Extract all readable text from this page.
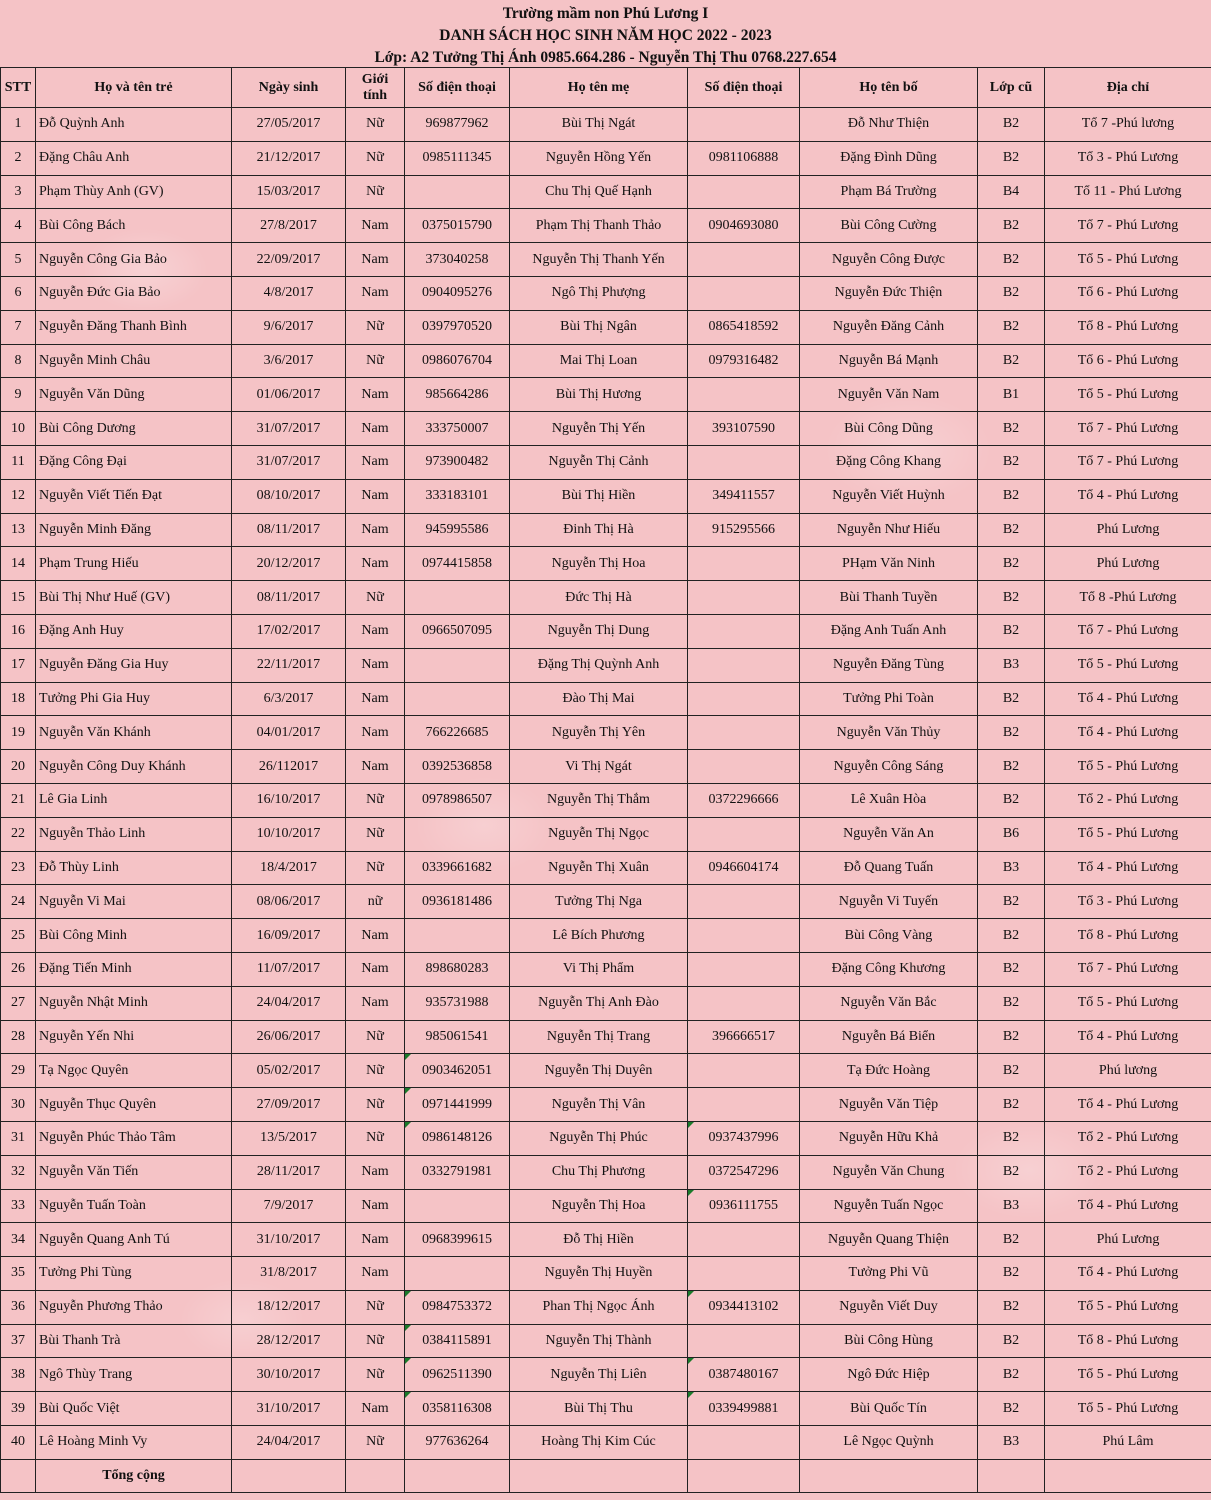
Trường mầm non Phú Lương I
DANH SÁCH HỌC SINH NĂM HỌC 2022 - 2023
Lớp: A2 Tưởng Thị Ánh 0985.664.286 - Nguyễn Thị Thu 0768.227.654
STT	Họ và tên trẻ	Ngày sinh	Giới tính	Số điện thoại	Họ tên mẹ	Số điện thoại	Họ tên bố	Lớp cũ	Địa chỉ
1	Đỗ Quỳnh Anh	27/05/2017	Nữ	969877962	Bùi Thị Ngát		Đỗ Như Thiện	B2	Tổ 7 -Phú lương
2	Đặng Châu Anh	21/12/2017	Nữ	0985111345	Nguyễn Hồng Yến	0981106888	Đặng Đình Dũng	B2	Tổ 3 - Phú Lương
3	Phạm Thùy Anh (GV)	15/03/2017	Nữ		Chu Thị Quế Hạnh		Phạm Bá Trường	B4	Tổ 11 - Phú Lương
4	Bùi Công Bách	27/8/2017	Nam	0375015790	Phạm Thị Thanh Thảo	0904693080	Bùi Công Cường	B2	Tổ 7 - Phú Lương
5	Nguyễn Công Gia Bảo	22/09/2017	Nam	373040258	Nguyễn Thị Thanh Yến		Nguyễn Công Được	B2	Tổ 5 - Phú Lương
6	Nguyễn Đức Gia Bảo	4/8/2017	Nam	0904095276	Ngô Thị Phượng		Nguyễn Đức Thiện	B2	Tổ 6 - Phú Lương
7	Nguyễn Đăng Thanh Bình	9/6/2017	Nữ	0397970520	Bùi Thị Ngân	0865418592	Nguyễn Đăng Cảnh	B2	Tổ 8 - Phú Lương
8	Nguyễn Minh Châu	3/6/2017	Nữ	0986076704	Mai Thị Loan	0979316482	Nguyễn Bá Mạnh	B2	Tổ 6 - Phú Lương
9	Nguyễn Văn Dũng	01/06/2017	Nam	985664286	Bùi Thị Hương		Nguyễn Văn Nam	B1	Tổ 5 - Phú Lương
10	Bùi Công Dương	31/07/2017	Nam	333750007	Nguyễn Thị Yến	393107590	Bùi Công Dũng	B2	Tổ 7 - Phú Lương
11	Đặng Công Đại	31/07/2017	Nam	973900482	Nguyễn Thị Cảnh		Đặng Công Khang	B2	Tổ 7 - Phú Lương
12	Nguyễn Viết Tiến Đạt	08/10/2017	Nam	333183101	Bùi Thị Hiền	349411557	Nguyễn Viết Huỳnh	B2	Tổ 4 - Phú Lương
13	Nguyễn Minh Đăng	08/11/2017	Nam	945995586	Đinh Thị Hà	915295566	Nguyễn Như Hiếu	B2	Phú Lương
14	Phạm Trung Hiếu	20/12/2017	Nam	0974415858	Nguyễn Thị Hoa		PHạm Văn Ninh	B2	Phú Lương
15	Bùi Thị Như Huế (GV)	08/11/2017	Nữ		Đức Thị Hà		Bùi Thanh Tuyền	B2	Tổ 8 -Phú Lương
16	Đặng Anh Huy	17/02/2017	Nam	0966507095	Nguyễn Thị Dung		Đặng Anh Tuấn Anh	B2	Tổ 7 - Phú Lương
17	Nguyễn Đăng Gia Huy	22/11/2017	Nam		Đặng Thị Quỳnh Anh		Nguyễn Đăng Tùng	B3	Tổ 5 - Phú Lương
18	Tưởng Phi Gia Huy	6/3/2017	Nam		Đào Thị Mai		Tưởng Phi Toàn	B2	Tổ 4 - Phú Lương
19	Nguyễn Văn Khánh	04/01/2017	Nam	766226685	Nguyễn Thị Yên		Nguyễn Văn Thủy	B2	Tổ 4 - Phú Lương
20	Nguyễn Công Duy Khánh	26/112017	Nam	0392536858	Vi Thị Ngát		Nguyễn Công Sáng	B2	Tổ 5 - Phú Lương
21	Lê Gia Linh	16/10/2017	Nữ	0978986507	Nguyễn Thị Thắm	0372296666	Lê Xuân Hòa	B2	Tổ 2 - Phú Lương
22	Nguyễn Thảo Linh	10/10/2017	Nữ		Nguyễn Thị Ngọc		Nguyễn Văn An	B6	Tổ 5 - Phú Lương
23	Đỗ Thùy Linh	18/4/2017	Nữ	0339661682	Nguyễn Thị Xuân	0946604174	Đỗ Quang Tuấn	B3	Tổ 4 - Phú Lương
24	Nguyễn Vi Mai	08/06/2017	nữ	0936181486	Tưởng Thị Nga		Nguyễn Vi Tuyến	B2	Tổ 3 - Phú Lương
25	Bùi Công Minh	16/09/2017	Nam		Lê Bích Phương		Bùi Công Vàng	B2	Tổ 8 - Phú Lương
26	Đặng Tiến Minh	11/07/2017	Nam	898680283	Vi Thị Phẩm		Đặng Công Khương	B2	Tổ 7 - Phú Lương
27	Nguyễn Nhật Minh	24/04/2017	Nam	935731988	Nguyễn Thị Anh Đào		Nguyễn Văn Bắc	B2	Tổ 5 - Phú Lương
28	Nguyễn Yến Nhi	26/06/2017	Nữ	985061541	Nguyễn Thị Trang	396666517	Nguyễn Bá Biển	B2	Tổ 4 - Phú Lương
29	Tạ Ngọc Quyên	05/02/2017	Nữ	0903462051	Nguyễn Thị Duyên		Tạ Đức Hoàng	B2	Phú lương
30	Nguyễn Thục Quyên	27/09/2017	Nữ	0971441999	Nguyễn Thị Vân		Nguyễn Văn Tiệp	B2	Tổ 4 - Phú Lương
31	Nguyễn Phúc Thảo Tâm	13/5/2017	Nữ	0986148126	Nguyễn Thị Phúc	0937437996	Nguyễn Hữu Khả	B2	Tổ 2 - Phú Lương
32	Nguyễn Văn Tiến	28/11/2017	Nam	0332791981	Chu Thị Phương	0372547296	Nguyễn Văn Chung	B2	Tổ 2 - Phú Lương
33	Nguyễn Tuấn Toàn	7/9/2017	Nam		Nguyễn Thị Hoa	0936111755	Nguyễn Tuấn Ngọc	B3	Tổ 4 - Phú Lương
34	Nguyễn Quang Anh Tú	31/10/2017	Nam	0968399615	Đỗ Thị Hiền		Nguyễn Quang Thiện	B2	Phú Lương
35	Tưởng Phi Tùng	31/8/2017	Nam		Nguyễn Thị Huyền		Tưởng Phi Vũ	B2	Tổ 4 - Phú Lương
36	Nguyễn Phương Thảo	18/12/2017	Nữ	0984753372	Phan Thị Ngọc Ánh	0934413102	Nguyễn Viết Duy	B2	Tổ 5 - Phú Lương
37	Bùi Thanh Trà	28/12/2017	Nữ	0384115891	Nguyễn Thị Thành		Bùi Công Hùng	B2	Tổ 8 - Phú Lương
38	Ngô Thùy Trang	30/10/2017	Nữ	0962511390	Nguyễn Thị Liên	0387480167	Ngô Đức Hiệp	B2	Tổ 5 - Phú Lương
39	Bùi Quốc Việt	31/10/2017	Nam	0358116308	Bùi Thị Thu	0339499881	Bùi Quốc Tín	B2	Tổ 5 - Phú Lương
40	Lê Hoàng Minh Vy	24/04/2017	Nữ	977636264	Hoàng Thị Kim Cúc		Lê Ngọc Quỳnh	B3	Phú Lâm
	Tổng cộng								
